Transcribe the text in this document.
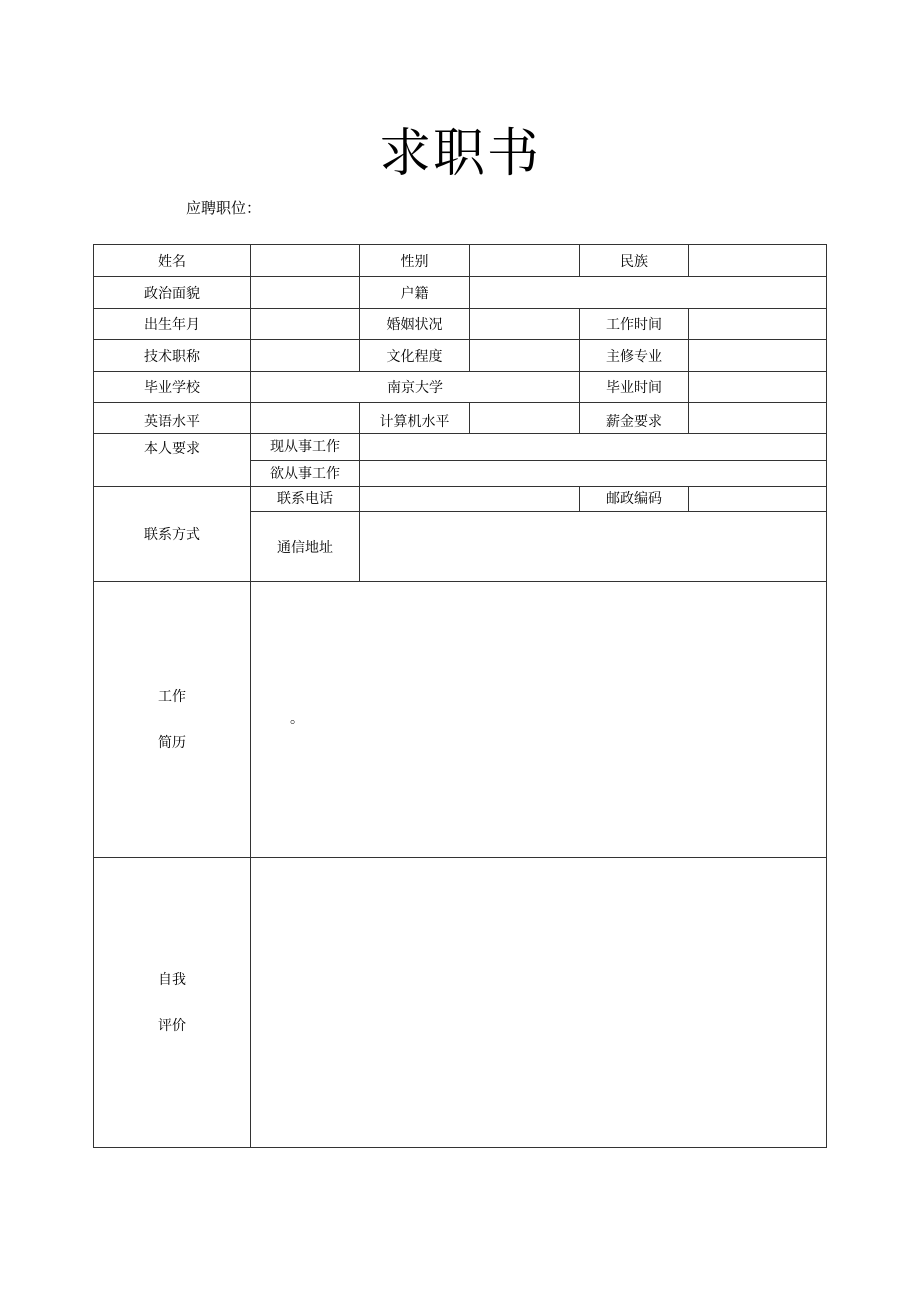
求职书
应聘职位：
姓名		性别		民族	
政治面貌		户籍			
出生年月		婚姻状况		工作时间	
技术职称		文化程度		主修专业	
毕业学校	南京大学			毕业时间	
英语水平		计算机水平		薪金要求	
本人要求	现从事工作				
	欲从事工作				
联系方式	联系电话			邮政编码	
	通信地址				

工作
简历					

自我
评价					

。
